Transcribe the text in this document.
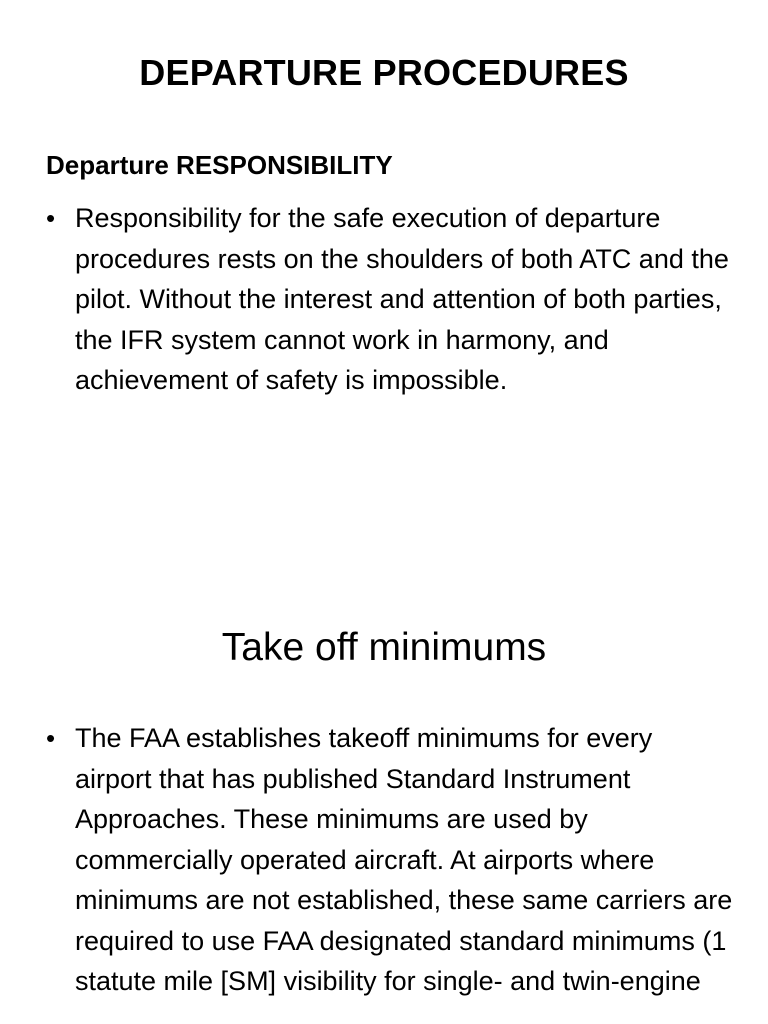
DEPARTURE PROCEDURES
Departure RESPONSIBILITY
• Responsibility for the safe execution of departure procedures rests on the shoulders of both ATC and the pilot. Without the interest and attention of both parties, the IFR system cannot work in harmony, and achievement of safety is impossible.

Take off minimums
• The FAA establishes takeoff minimums for every airport that has published Standard Instrument Approaches. These minimums are used by commercially operated aircraft. At airports where minimums are not established, these same carriers are required to use FAA designated standard minimums (1 statute mile [SM] visibility for single- and twin-engine
